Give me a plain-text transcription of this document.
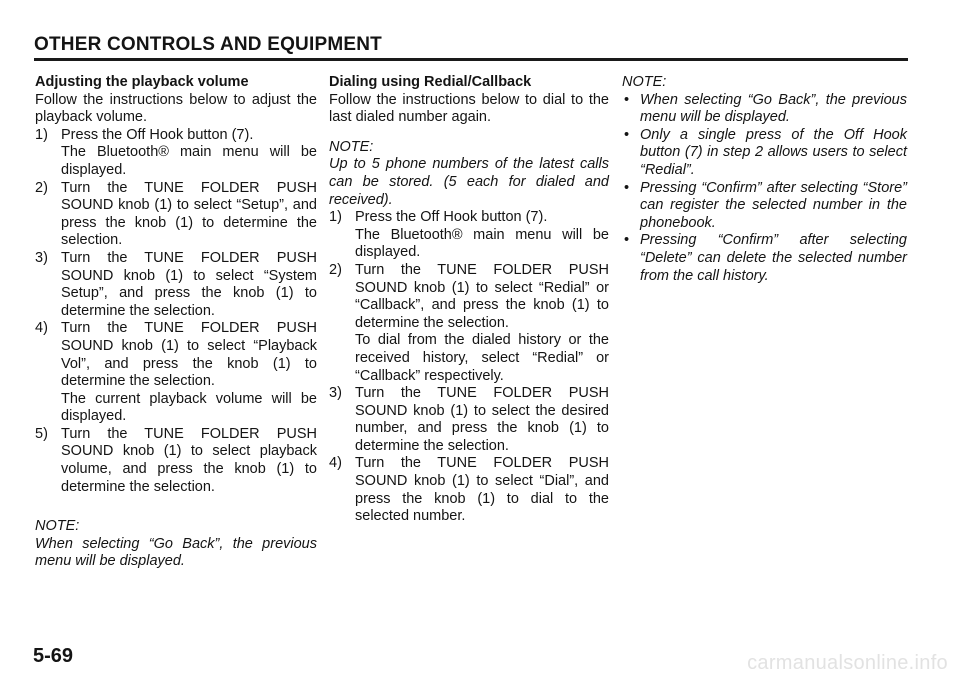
OTHER CONTROLS AND EQUIPMENT

Adjusting the playback volume

Follow the instructions below to adjust the playback volume.

1) Press the Off Hook button (7).
The Bluetooth® main menu will be displayed.
2) Turn the TUNE FOLDER PUSH SOUND knob (1) to select “Setup”, and press the knob (1) to determine the selection.
3) Turn the TUNE FOLDER PUSH SOUND knob (1) to select “System Setup”, and press the knob (1) to determine the selection.
4) Turn the TUNE FOLDER PUSH SOUND knob (1) to select “Playback Vol”, and press the knob (1) to determine the selection.
The current playback volume will be displayed.
5) Turn the TUNE FOLDER PUSH SOUND knob (1) to select playback volume, and press the knob (1) to determine the selection.

NOTE:

When selecting “Go Back”, the previous menu will be displayed.

Dialing using Redial/Callback

Follow the instructions below to dial to the last dialed number again.

NOTE:

Up to 5 phone numbers of the latest calls can be stored. (5 each for dialed and received).

1) Press the Off Hook button (7).
The Bluetooth® main menu will be displayed.
2) Turn the TUNE FOLDER PUSH SOUND knob (1) to select “Redial” or “Callback”, and press the knob (1) to determine the selection.
To dial from the dialed history or the received history, select “Redial” or “Callback” respectively.
3) Turn the TUNE FOLDER PUSH SOUND knob (1) to select the desired number, and press the knob (1) to determine the selection.
4) Turn the TUNE FOLDER PUSH SOUND knob (1) to select “Dial”, and press the knob (1) to dial to the selected number.

NOTE:

• When selecting “Go Back”, the previous menu will be displayed.
• Only a single press of the Off Hook button (7) in step 2 allows users to select “Redial”.
• Pressing “Confirm” after selecting “Store” can register the selected number in the phonebook.
• Pressing “Confirm” after selecting “Delete” can delete the selected number from the call history.
5-69	carmanualsonline.info
